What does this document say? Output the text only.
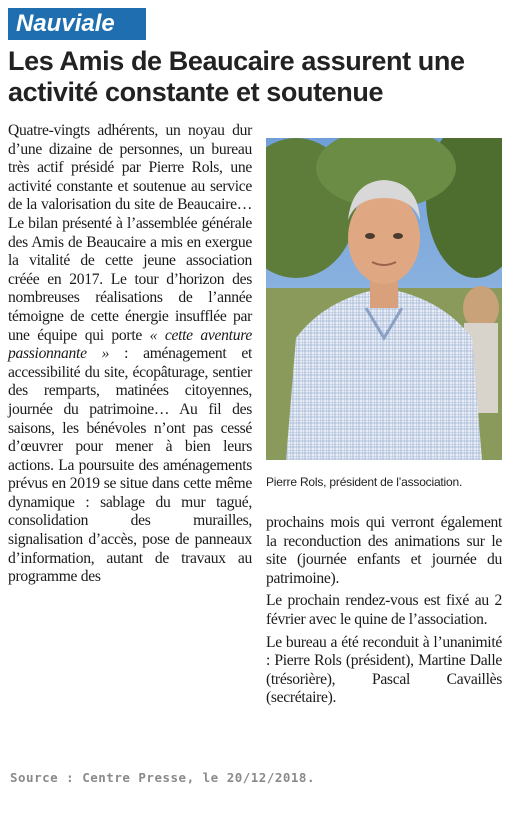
Nauviale
Les Amis de Beaucaire assurent une activité constante et soutenue

Quatre-vingts adhérents, un noyau dur d’une dizaine de personnes, un bureau très actif présidé par Pierre Rols, une activité constante et soutenue au service de la valorisation du site de Beaucaire… Le bilan présenté à l’assemblée générale des Amis de Beaucaire a mis en exergue la vitalité de cette jeune association créée en 2017. Le tour d’horizon des nombreuses réalisations de l’année témoigne de cette énergie insufflée par une équipe qui porte « cette aventure passionnante » : aménagement et accessibilité du site, écopâturage, sentier des remparts, matinées citoyennes, journée du patrimoine… Au fil des saisons, les bénévoles n’ont pas cessé d’œuvrer pour mener à bien leurs actions. La poursuite des aménagements prévus en 2019 se situe dans cette même dynamique : sablage du mur tagué, consolidation des murailles, signalisation d’accès, pose de panneaux d’information, autant de travaux au programme des

Pierre Rols, président de l’association.

prochains mois qui verront également la reconduction des animations sur le site (journée enfants et journée du patrimoine).

Le prochain rendez-vous est fixé au 2 février avec le quine de l’association.

Le bureau a été reconduit à l’unanimité : Pierre Rols (président), Martine Dalle (trésorière), Pascal Cavaillès (secrétaire).

Source : Centre Presse, le 20/12/2018.
